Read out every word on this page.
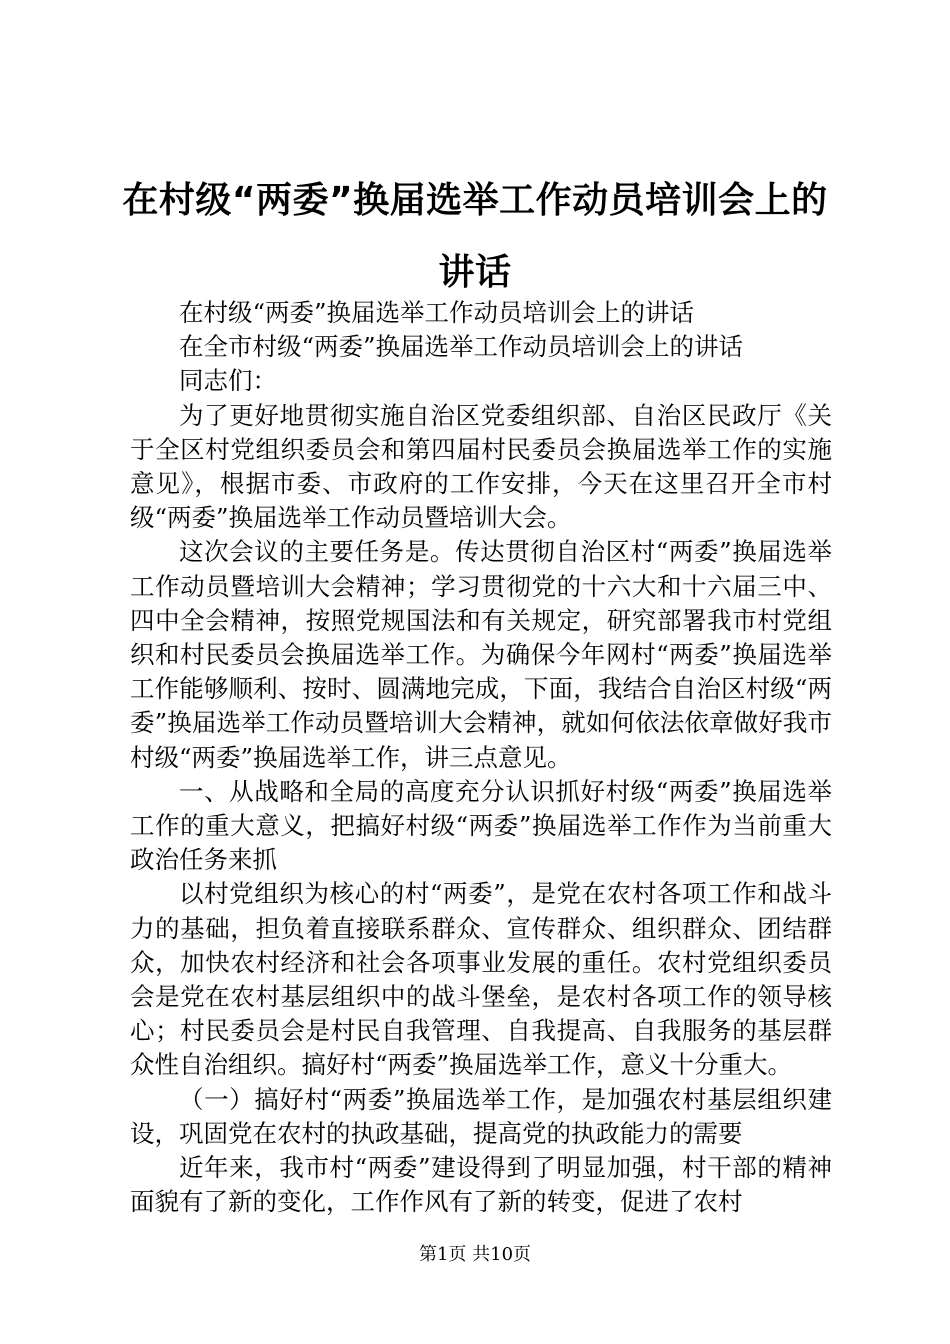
在村级“两委”换届选举工作动员培训会上的讲话

在村级“两委”换届选举工作动员培训会上的讲话

在全市村级“两委”换届选举工作动员培训会上的讲话

同志们：

为了更好地贯彻实施自治区党委组织部、自治区民政厅《关于全区村党组织委员会和第四届村民委员会换届选举工作的实施意见》，根据市委、市政府的工作安排，今天在这里召开全市村级“两委”换届选举工作动员暨培训大会。

这次会议的主要任务是。传达贯彻自治区村“两委”换届选举工作动员暨培训大会精神；学习贯彻党的十六大和十六届三中、四中全会精神，按照党规国法和有关规定，研究部署我市村党组织和村民委员会换届选举工作。为确保今年网村“两委”换届选举工作能够顺利、按时、圆满地完成，下面，我结合自治区村级“两委”换届选举工作动员暨培训大会精神，就如何依法依章做好我市村级“两委”换届选举工作，讲三点意见。

一、从战略和全局的高度充分认识抓好村级“两委”换届选举工作的重大意义，把搞好村级“两委”换届选举工作作为当前重大政治任务来抓

以村党组织为核心的村“两委”，是党在农村各项工作和战斗力的基础，担负着直接联系群众、宣传群众、组织群众、团结群众，加快农村经济和社会各项事业发展的重任。农村党组织委员会是党在农村基层组织中的战斗堡垒，是农村各项工作的领导核心；村民委员会是村民自我管理、自我提高、自我服务的基层群众性自治组织。搞好村“两委”换届选举工作，意义十分重大。

（一）搞好村“两委”换届选举工作，是加强农村基层组织建设，巩固党在农村的执政基础，提高党的执政能力的需要

近年来，我市村“两委”建设得到了明显加强，村干部的精神面貌有了新的变化，工作作风有了新的转变，促进了农村

第1页 共10页
